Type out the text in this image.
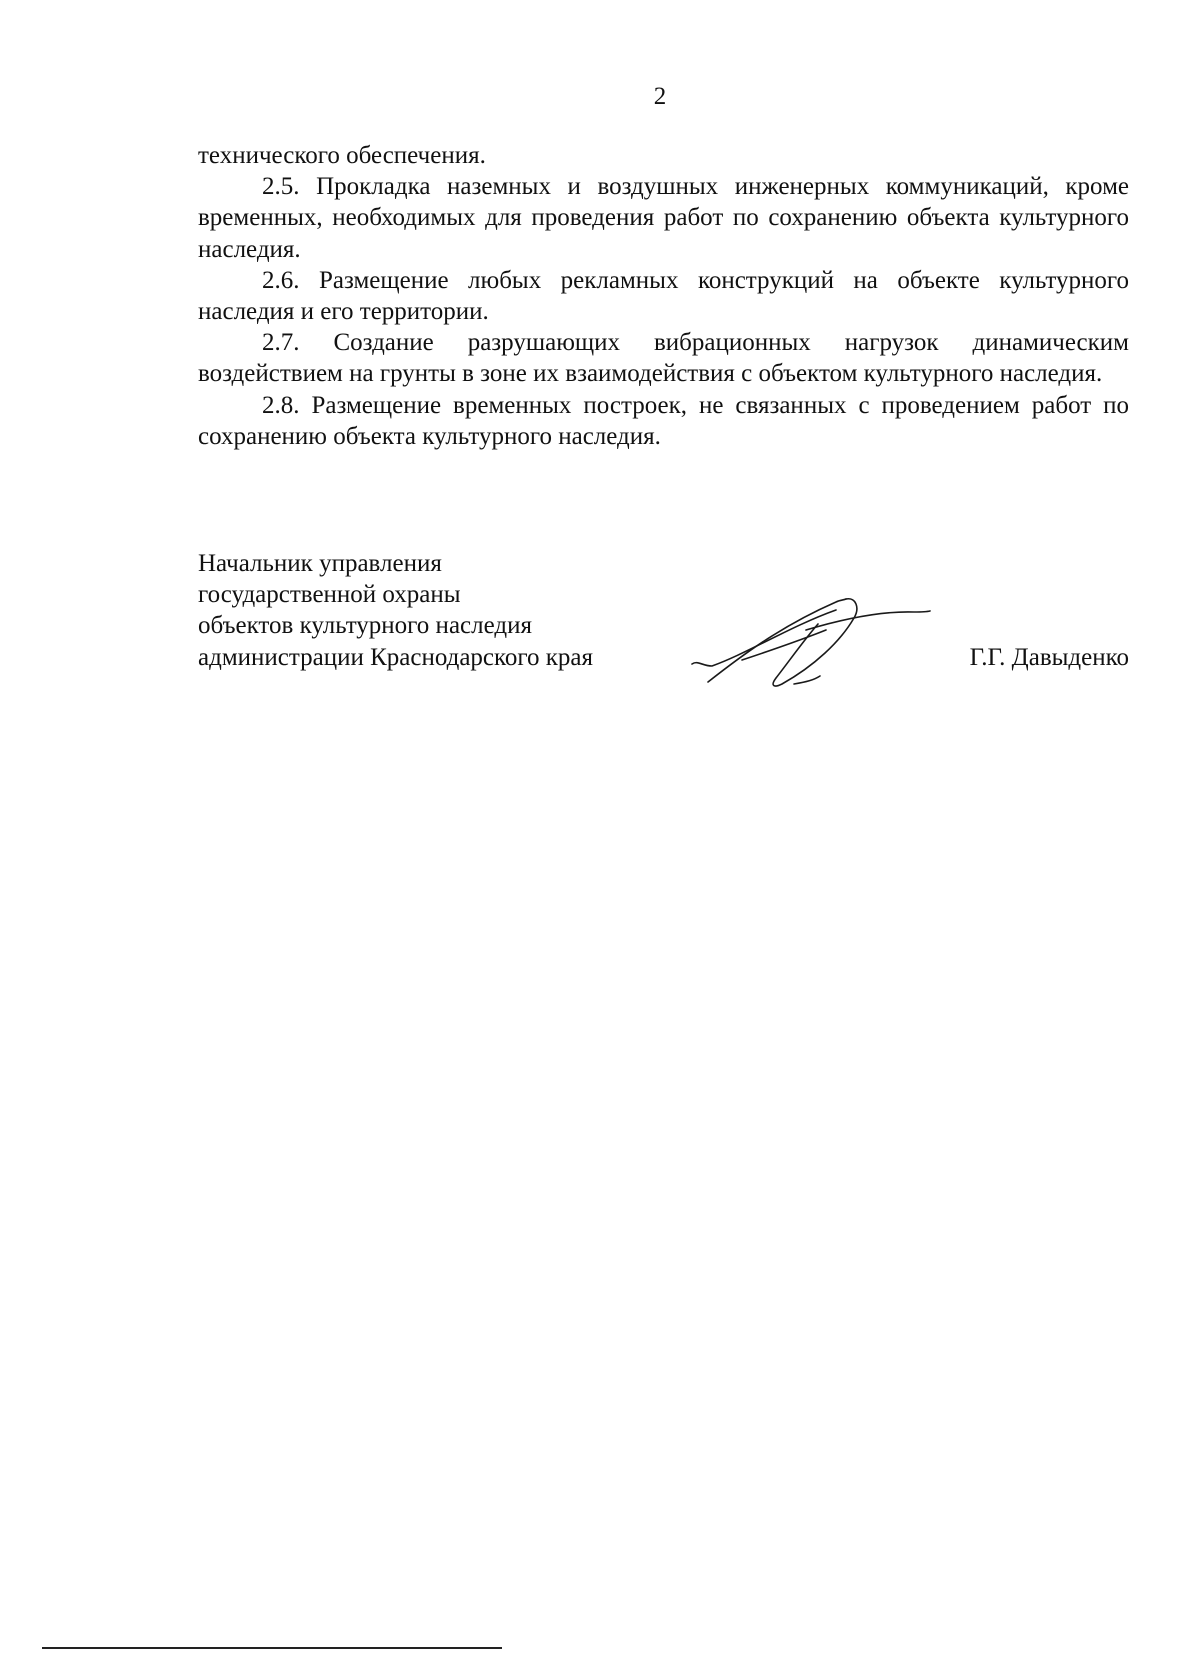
2

технического обеспечения.

2.5. Прокладка наземных и воздушных инженерных коммуникаций, кроме временных, необходимых для проведения работ по сохранению объекта культурного наследия.

2.6. Размещение любых рекламных конструкций на объекте культурного наследия и его территории.

2.7. Создание разрушающих вибрационных нагрузок динамическим воздействием на грунты в зоне их взаимодействия с объектом культурного наследия.

2.8. Размещение временных построек, не связанных с проведением работ по сохранению объекта культурного наследия.

Начальник управления
государственной охраны
объектов культурного наследия
администрации Краснодарского края	Г.Г. Давыденко
